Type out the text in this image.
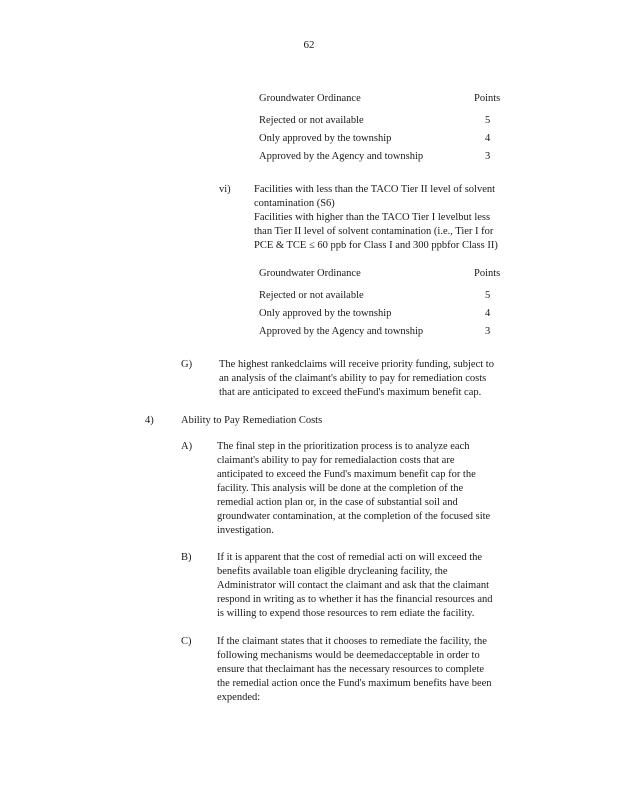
62
Groundwater Ordinance	Points
Rejected or not available	5
Only approved by the township	4
Approved by the Agency and township	3
vi) Facilities with less than the TACO Tier II level of solvent
contamination (S6)
Facilities with higher than the TACO Tier I levelbut less
than Tier II level of solvent contamination (i.e., Tier I for
PCE & TCE ≤ 60 ppb for Class I and 300 ppbfor Class II)
Groundwater Ordinance	Points
Rejected or not available	5
Only approved by the township	4
Approved by the Agency and township	3
G)	The highest rankedclaims will receive priority funding, subject to
an analysis of the claimant's ability to pay for remediation costs
that are anticipated to exceed theFund's maximum benefit cap.
4)	Ability to Pay Remediation Costs
A) The final step in the prioritization process is to analyze each
claimant's ability to pay for remedialaction costs that are
anticipated to exceed the Fund's maximum benefit cap for the
facility. This analysis will be done at the completion of the
remedial action plan or, in the case of substantial soil and
groundwater contamination, at the completion of the focused site
investigation.
B) If it is apparent that the cost of remedial acti on will exceed the
benefits available toan eligible drycleaning facility, the
Administrator will contact the claimant and ask that the claimant
respond in writing as to whether it has the financial resources and
is willing to expend those resources to rem ediate the facility.
C) If the claimant states that it chooses to remediate the facility, the
following mechanisms would be deemedacceptable in order to
ensure that theclaimant has the necessary resources to complete
the remedial action once the Fund's maximum benefits have been
expended:
